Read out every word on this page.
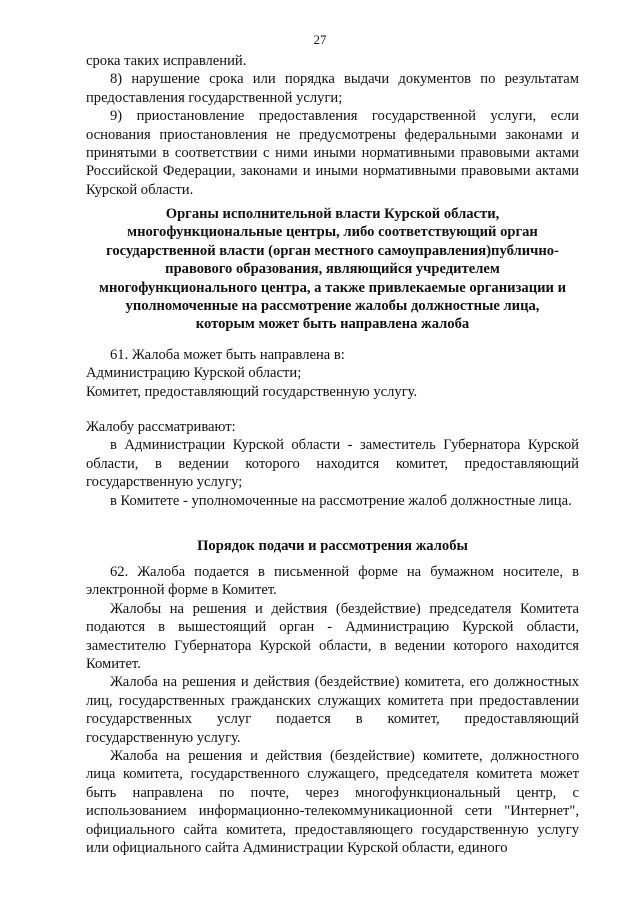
27

срока таких исправлений.

8) нарушение срока или порядка выдачи документов по результатам предоставления государственной услуги;

9) приостановление предоставления государственной услуги, если основания приостановления не предусмотрены федеральными законами и принятыми в соответствии с ними иными нормативными правовыми актами Российской Федерации, законами и иными нормативными правовыми актами Курской области.

Органы исполнительной власти Курской области,

многофункциональные центры, либо соответствующий орган

государственной власти (орган местного самоуправления)публично-

правового образования, являющийся учредителем

многофункционального центра, а также привлекаемые организации и

уполномоченные на рассмотрение жалобы должностные лица,

которым может быть направлена жалоба

61. Жалоба может быть направлена в:

Администрацию Курской области;

Комитет, предоставляющий государственную услугу.

Жалобу рассматривают:

в Администрации Курской области - заместитель Губернатора Курской области, в ведении которого находится комитет, предоставляющий государственную услугу;

в Комитете - уполномоченные на рассмотрение жалоб должностные лица.

Порядок подачи и рассмотрения жалобы

62. Жалоба подается в письменной форме на бумажном носителе, в электронной форме в Комитет.

Жалобы на решения и действия (бездействие) председателя Комитета подаются в вышестоящий орган - Администрацию Курской области, заместителю Губернатора Курской области, в ведении которого находится Комитет.

Жалоба на решения и действия (бездействие) комитета, его должностных лиц, государственных гражданских служащих комитета при предоставлении государственных услуг подается в комитет, предоставляющий государственную услугу.

Жалоба на решения и действия (бездействие) комитете, должностного лица комитета, государственного служащего, председателя комитета может быть направлена по почте, через многофункциональный центр, с использованием информационно-телекоммуникационной сети "Интернет", официального сайта комитета, предоставляющего государственную услугу или официального сайта Администрации Курской области, единого
